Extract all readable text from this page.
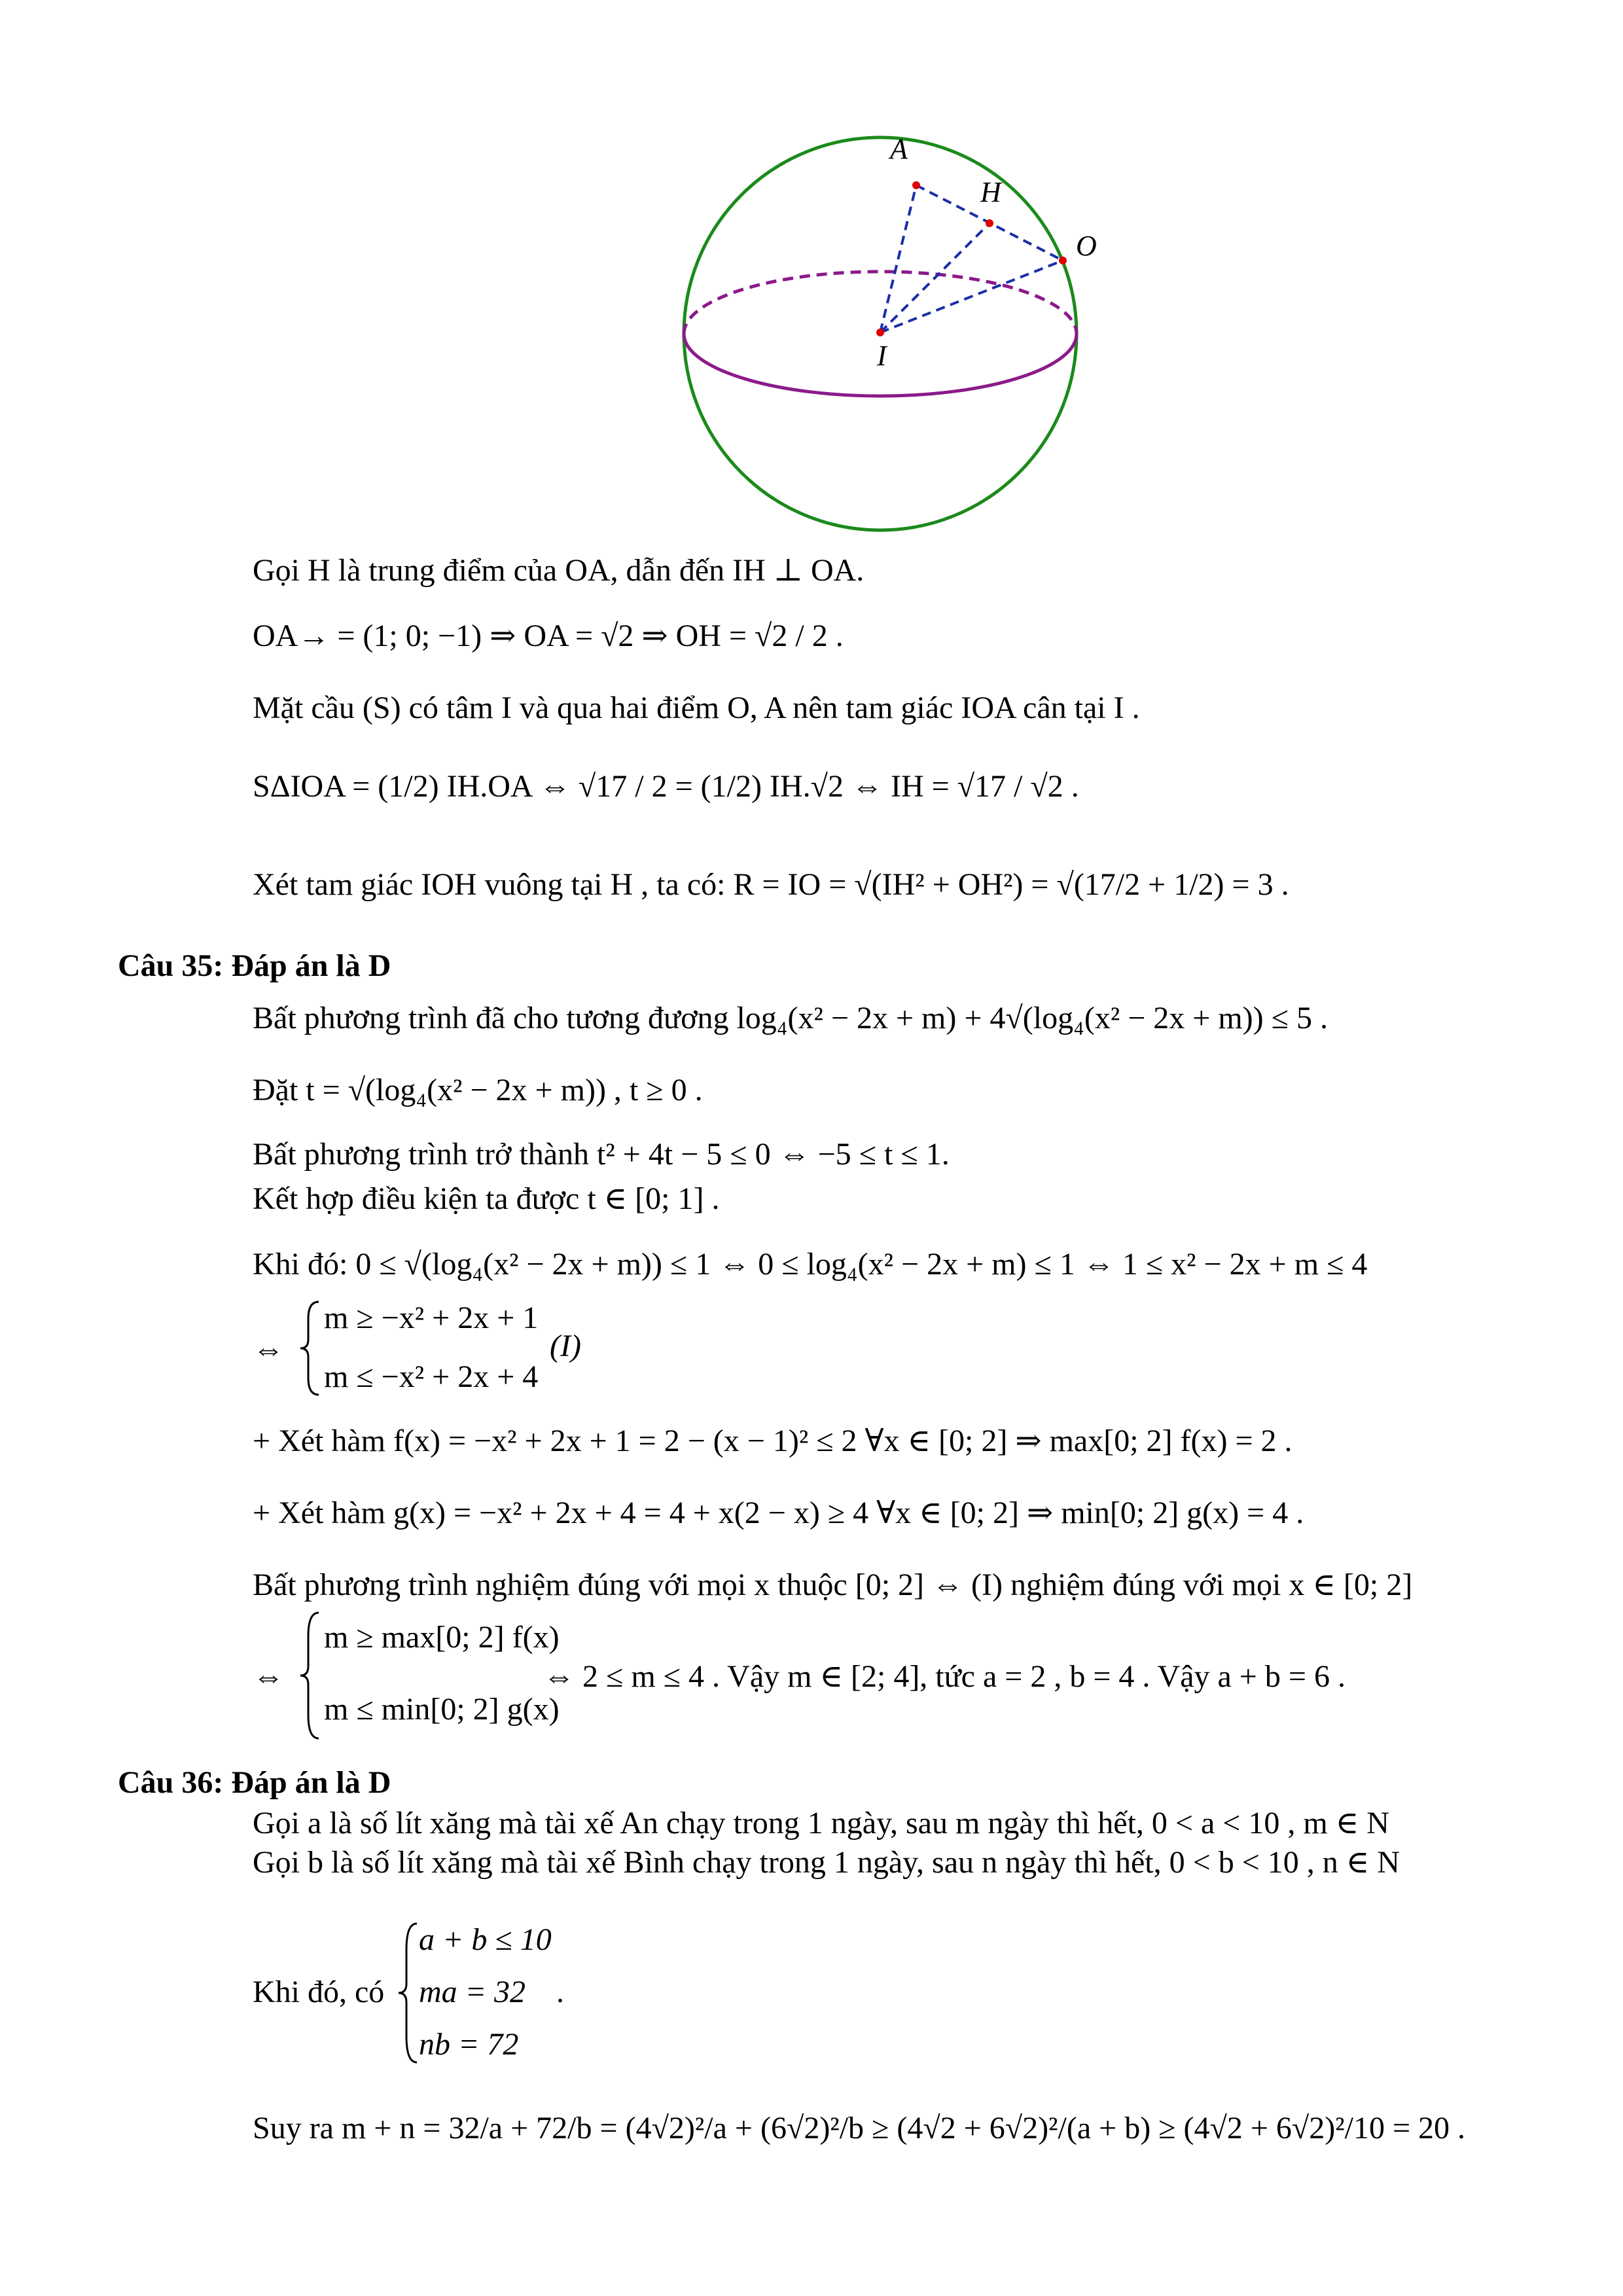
A
H
O
I
Gọi H là trung điểm của OA, dẫn đến IH ⊥ OA.
OA→ = (1; 0; −1) ⇒ OA = √2 ⇒ OH = √2 / 2 .
Mặt cầu (S) có tâm I và qua hai điểm O, A nên tam giác IOA cân tại I .
SΔIOA = (1/2) IH.OA ⇔ √17 / 2 = (1/2) IH.√2 ⇔ IH = √17 / √2 .
Xét tam giác IOH vuông tại H , ta có: R = IO = √(IH² + OH²) = √(17/2 + 1/2) = 3 .
Câu 35: Đáp án là D
Bất phương trình đã cho tương đương log₄(x² − 2x + m) + 4√(log₄(x² − 2x + m)) ≤ 5 .
Đặt t = √(log₄(x² − 2x + m)) , t ≥ 0 .
Bất phương trình trở thành t² + 4t − 5 ≤ 0 ⇔ −5 ≤ t ≤ 1.
Kết hợp điều kiện ta được t ∈ [0; 1] .
Khi đó: 0 ≤ √(log₄(x² − 2x + m)) ≤ 1 ⇔ 0 ≤ log₄(x² − 2x + m) ≤ 1 ⇔ 1 ≤ x² − 2x + m ≤ 4
⇔
m ≥ −x² + 2x + 1
m ≤ −x² + 2x + 4
(I)
+ Xét hàm f(x) = −x² + 2x + 1 = 2 − (x − 1)² ≤ 2 ∀x ∈ [0; 2] ⇒ max[0; 2] f(x) = 2 .
+ Xét hàm g(x) = −x² + 2x + 4 = 4 + x(2 − x) ≥ 4 ∀x ∈ [0; 2] ⇒ min[0; 2] g(x) = 4 .
Bất phương trình nghiệm đúng với mọi x thuộc [0; 2] ⇔ (I) nghiệm đúng với mọi x ∈ [0; 2]
⇔
m ≥ max[0; 2] f(x)
m ≤ min[0; 2] g(x)
⇔ 2 ≤ m ≤ 4 . Vậy m ∈ [2; 4], tức a = 2 , b = 4 . Vậy a + b = 6 .
Câu 36: Đáp án là D
Gọi a là số lít xăng mà tài xế An chạy trong 1 ngày, sau m ngày thì hết, 0 < a < 10 , m ∈ N
Gọi b là số lít xăng mà tài xế Bình chạy trong 1 ngày, sau n ngày thì hết, 0 < b < 10 , n ∈ N
Khi đó, có
a + b ≤ 10
ma = 32
nb = 72
.
Suy ra m + n = 32/a + 72/b = (4√2)²/a + (6√2)²/b ≥ (4√2 + 6√2)²/(a + b) ≥ (4√2 + 6√2)²/10 = 20 .
